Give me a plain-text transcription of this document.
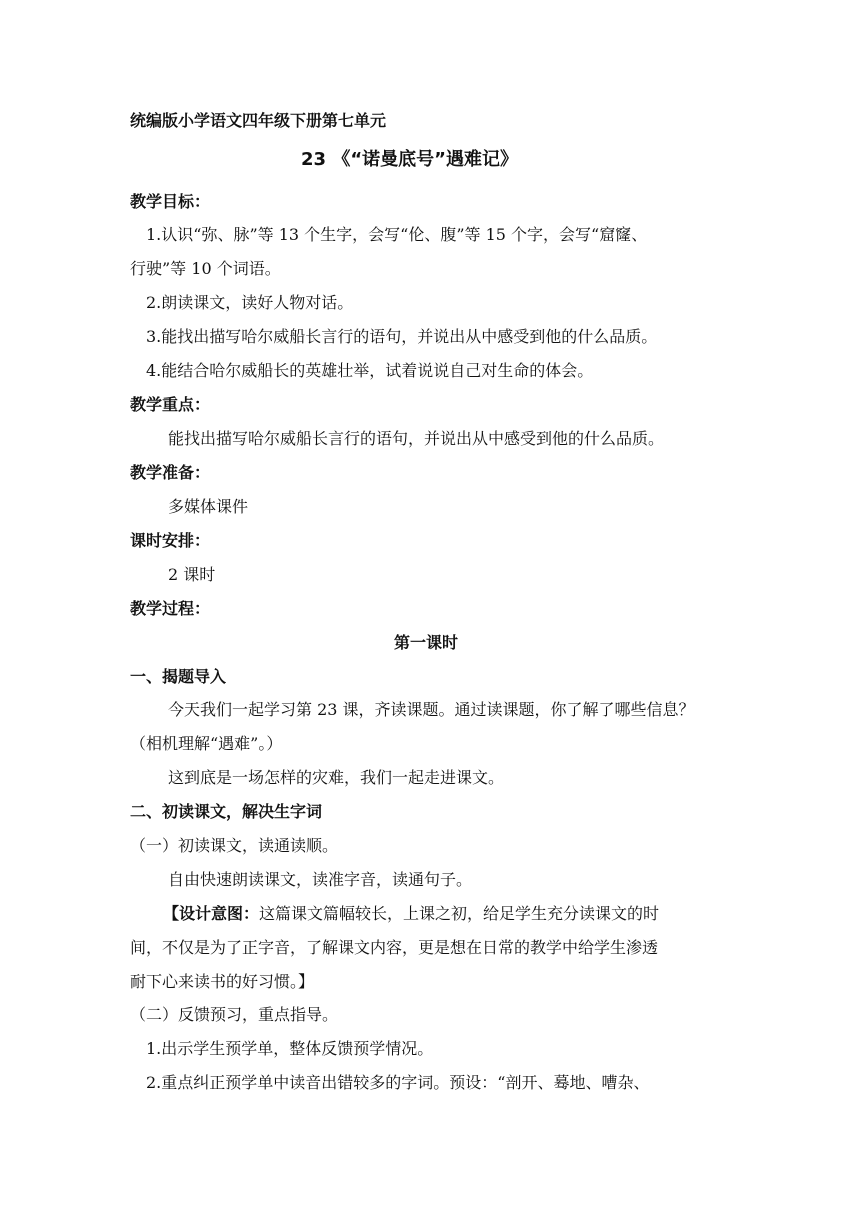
统编版小学语文四年级下册第七单元
23 《“诺曼底号”遇难记》
教学目标：
1.认识“弥、脉”等 13 个生字，会写“伦、腹”等 15 个字，会写“窟窿、
行驶”等 10 个词语。
2.朗读课文，读好人物对话。
3.能找出描写哈尔威船长言行的语句，并说出从中感受到他的什么品质。
4.能结合哈尔威船长的英雄壮举，试着说说自己对生命的体会。
教学重点：
能找出描写哈尔威船长言行的语句，并说出从中感受到他的什么品质。
教学准备：
多媒体课件
课时安排：
2 课时
教学过程：
第一课时
一、揭题导入
今天我们一起学习第 23 课，齐读课题。通过读课题，你了解了哪些信息？
（相机理解“遇难”。）
这到底是一场怎样的灾难，我们一起走进课文。
二、初读课文，解决生字词
（一）初读课文，读通读顺。
自由快速朗读课文，读准字音，读通句子。
【设计意图：这篇课文篇幅较长，上课之初，给足学生充分读课文的时
间，不仅是为了正字音，了解课文内容，更是想在日常的教学中给学生渗透
耐下心来读书的好习惯。】
（二）反馈预习，重点指导。
1.出示学生预学单，整体反馈预学情况。
2.重点纠正预学单中读音出错较多的字词。预设：“剖开、蓦地、嘈杂、
